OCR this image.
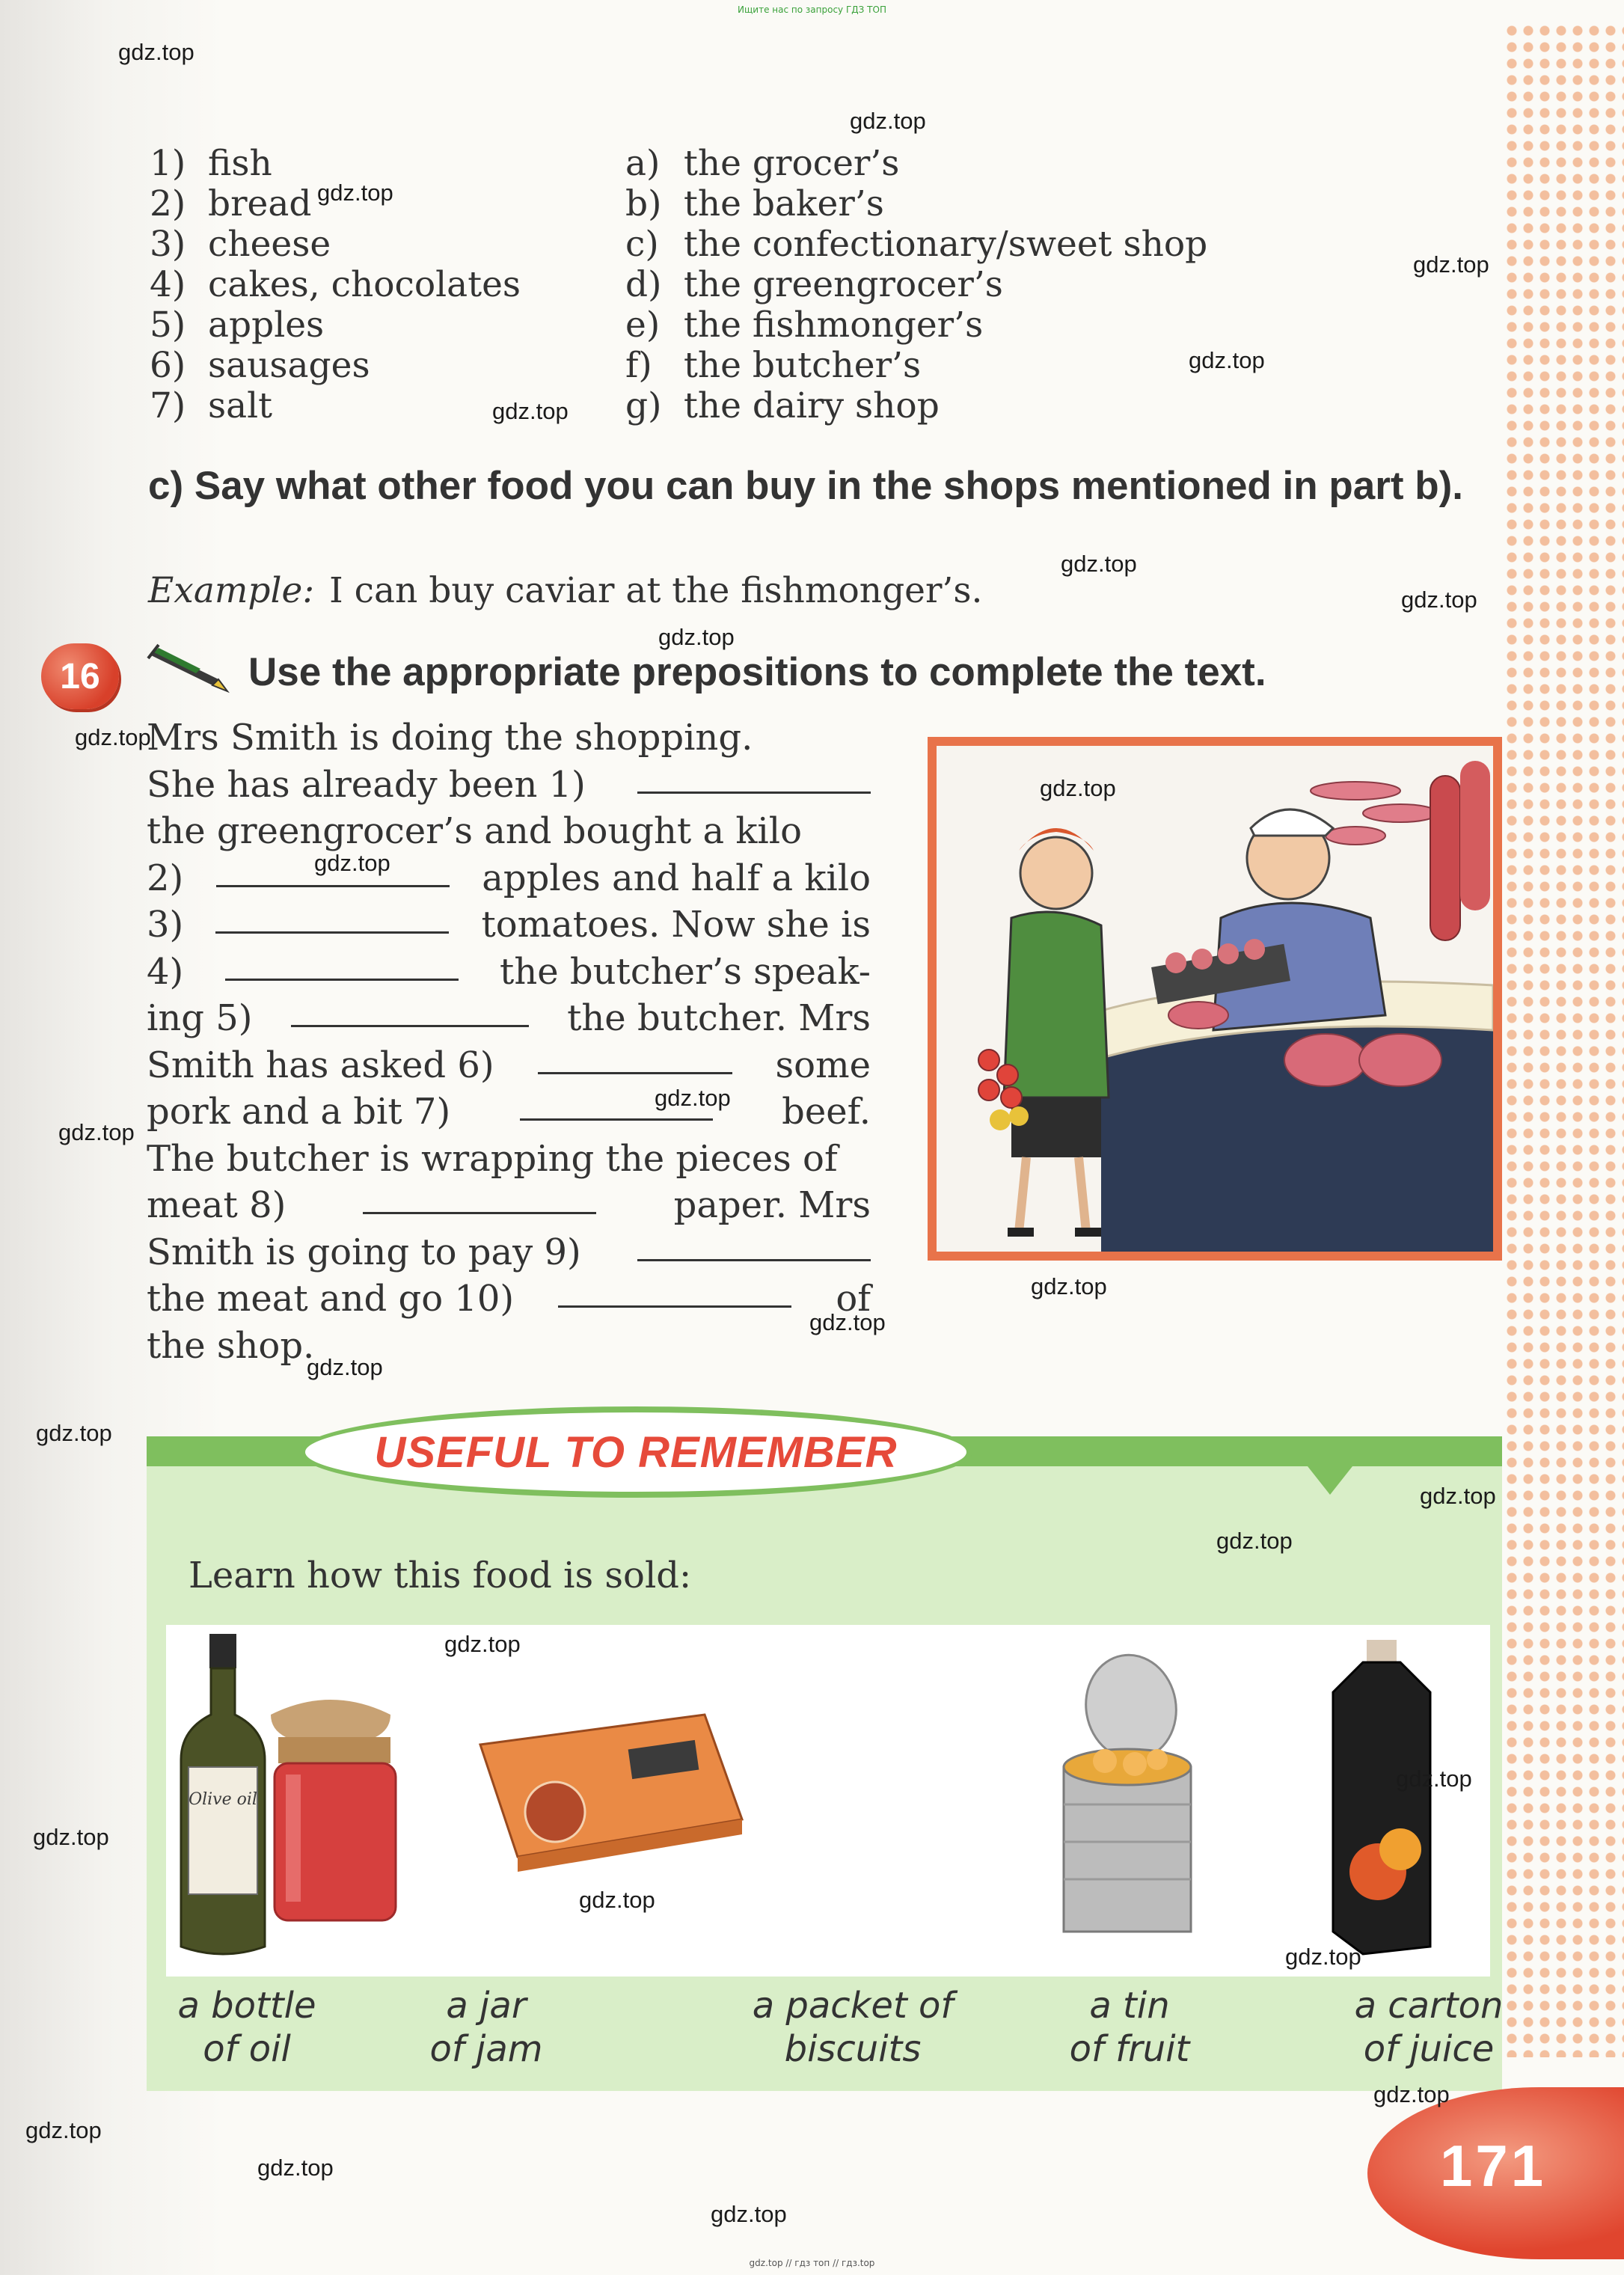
Ищите нас по запросу ГДЗ ТОП
1) fish
2) bread
3) cheese
4) cakes, chocolates
5) apples
6) sausages
7) salt
a) the grocer’s
b) the baker’s
c) the confectionary/sweet shop
d) the greengrocer’s
e) the fishmonger’s
f) the butcher’s
g) the dairy shop
c) Say what other food you can buy in the shops mentioned in part b).
Example: I can buy caviar at the fishmonger’s.
16	Use the appropriate prepositions to complete the text.
Mrs Smith is doing the shopping.
She has already been 1)
the greengrocer’s and bought a kilo
2)	apples and half a kilo
3)	tomatoes. Now she is
4)	the butcher’s speak-
ing 5)	the butcher. Mrs
Smith has asked 6)	some
pork and a bit 7)	beef.
The butcher is wrapping the pieces of
meat 8)	paper. Mrs
Smith is going to pay 9)
the meat and go 10)	of
the shop.
USEFUL TO REMEMBER
Learn how this food is sold:
Olive oil
a bottle
of oil
a jar
of jam
a packet of
biscuits
a tin
of fruit
a carton
of juice
171
gdz.top // гдз топ // гдз.top
gdz.top
gdz.top
gdz.top
gdz.top
gdz.top
gdz.top
gdz.top
gdz.top
gdz.top
gdz.top
gdz.top
gdz.top
gdz.top
gdz.top
gdz.top
gdz.top
gdz.top
gdz.top
gdz.top
gdz.top
gdz.top
gdz.top
gdz.top
gdz.top
gdz.top
gdz.top
gdz.top
gdz.top
gdz.top
